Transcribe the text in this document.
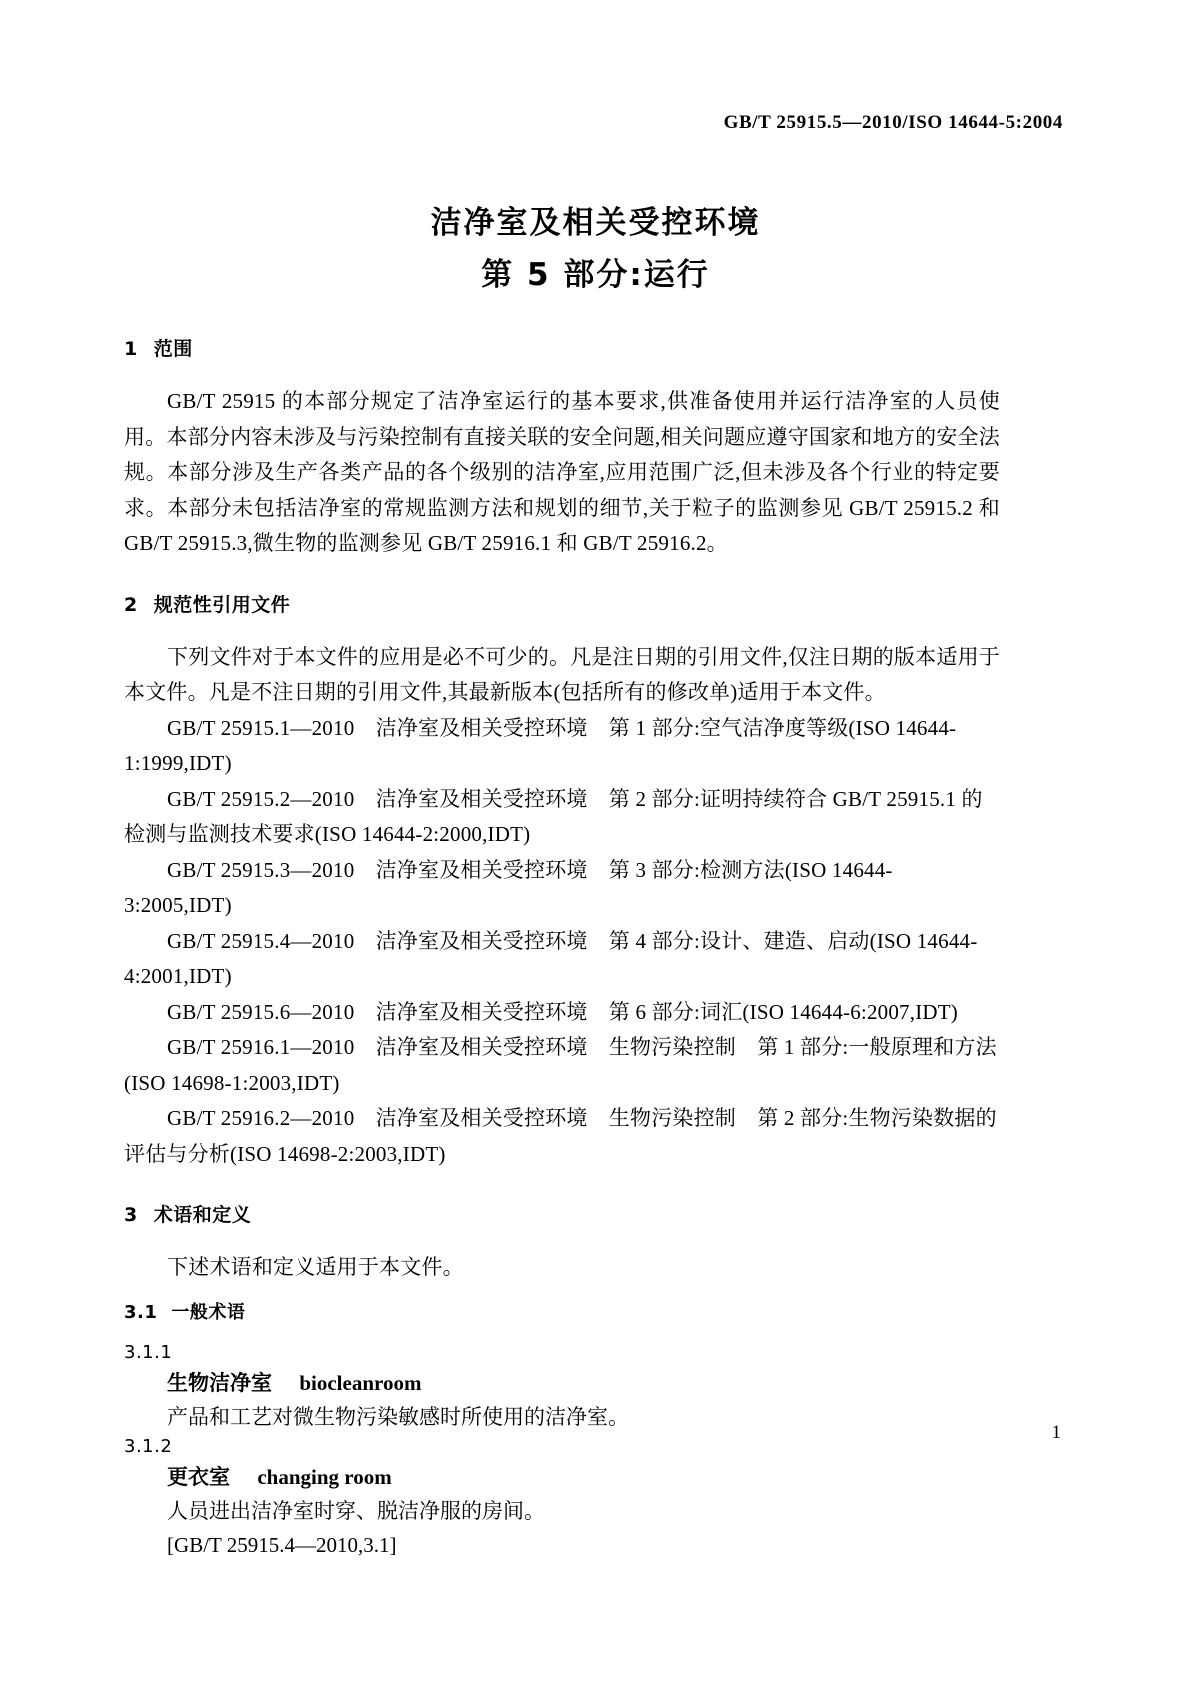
GB/T 25915.5—2010/ISO 14644-5:2004
洁净室及相关受控环境
第 5 部分:运行
1 范围

GB/T 25915 的本部分规定了洁净室运行的基本要求,供准备使用并运行洁净室的人员使用。本部分内容未涉及与污染控制有直接关联的安全问题,相关问题应遵守国家和地方的安全法规。本部分涉及生产各类产品的各个级别的洁净室,应用范围广泛,但未涉及各个行业的特定要求。本部分未包括洁净室的常规监测方法和规划的细节,关于粒子的监测参见 GB/T 25915.2 和 GB/T 25915.3,微生物的监测参见 GB/T 25916.1 和 GB/T 25916.2。

2 规范性引用文件

下列文件对于本文件的应用是必不可少的。凡是注日期的引用文件,仅注日期的版本适用于本文件。凡是不注日期的引用文件,其最新版本(包括所有的修改单)适用于本文件。

GB/T 25915.1—2010　洁净室及相关受控环境　第 1 部分:空气洁净度等级(ISO 14644-1:1999,IDT)

GB/T 25915.2—2010　洁净室及相关受控环境　第 2 部分:证明持续符合 GB/T 25915.1 的检测与监测技术要求(ISO 14644-2:2000,IDT)

GB/T 25915.3—2010　洁净室及相关受控环境　第 3 部分:检测方法(ISO 14644-3:2005,IDT)

GB/T 25915.4—2010　洁净室及相关受控环境　第 4 部分:设计、建造、启动(ISO 14644-4:2001,IDT)

GB/T 25915.6—2010　洁净室及相关受控环境　第 6 部分:词汇(ISO 14644-6:2007,IDT)

GB/T 25916.1—2010　洁净室及相关受控环境　生物污染控制　第 1 部分:一般原理和方法(ISO 14698-1:2003,IDT)

GB/T 25916.2—2010　洁净室及相关受控环境　生物污染控制　第 2 部分:生物污染数据的评估与分析(ISO 14698-2:2003,IDT)

3 术语和定义

下述术语和定义适用于本文件。

3.1 一般术语
3.1.1

生物洁净室 biocleanroom

产品和工艺对微生物污染敏感时所使用的洁净室。

3.1.2

更衣室 changing room

人员进出洁净室时穿、脱洁净服的房间。

[GB/T 25915.4—2010,3.1]

1
